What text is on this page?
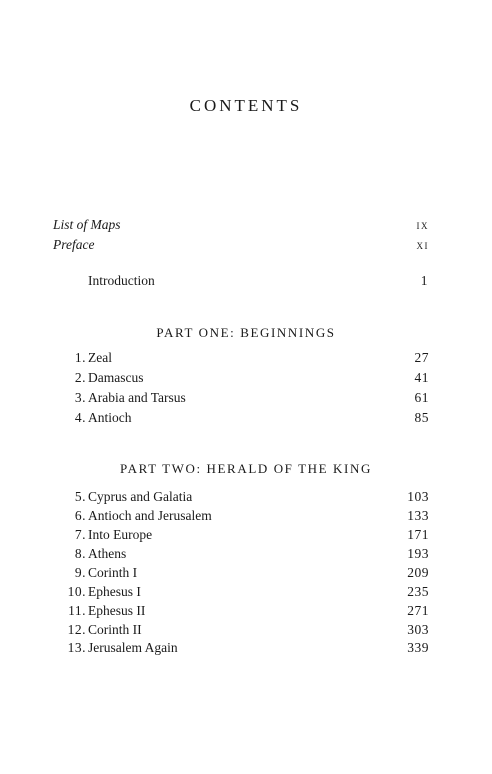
CONTENTS
List of Maps	ix
Preface	xi
Introduction	1
PART ONE: BEGINNINGS
1. Zeal	27
2. Damascus	41
3. Arabia and Tarsus	61
4. Antioch	85
PART TWO: HERALD OF THE KING
5. Cyprus and Galatia	103
6. Antioch and Jerusalem	133
7. Into Europe	171
8. Athens	193
9. Corinth I	209
10. Ephesus I	235
11. Ephesus II	271
12. Corinth II	303
13. Jerusalem Again	339
